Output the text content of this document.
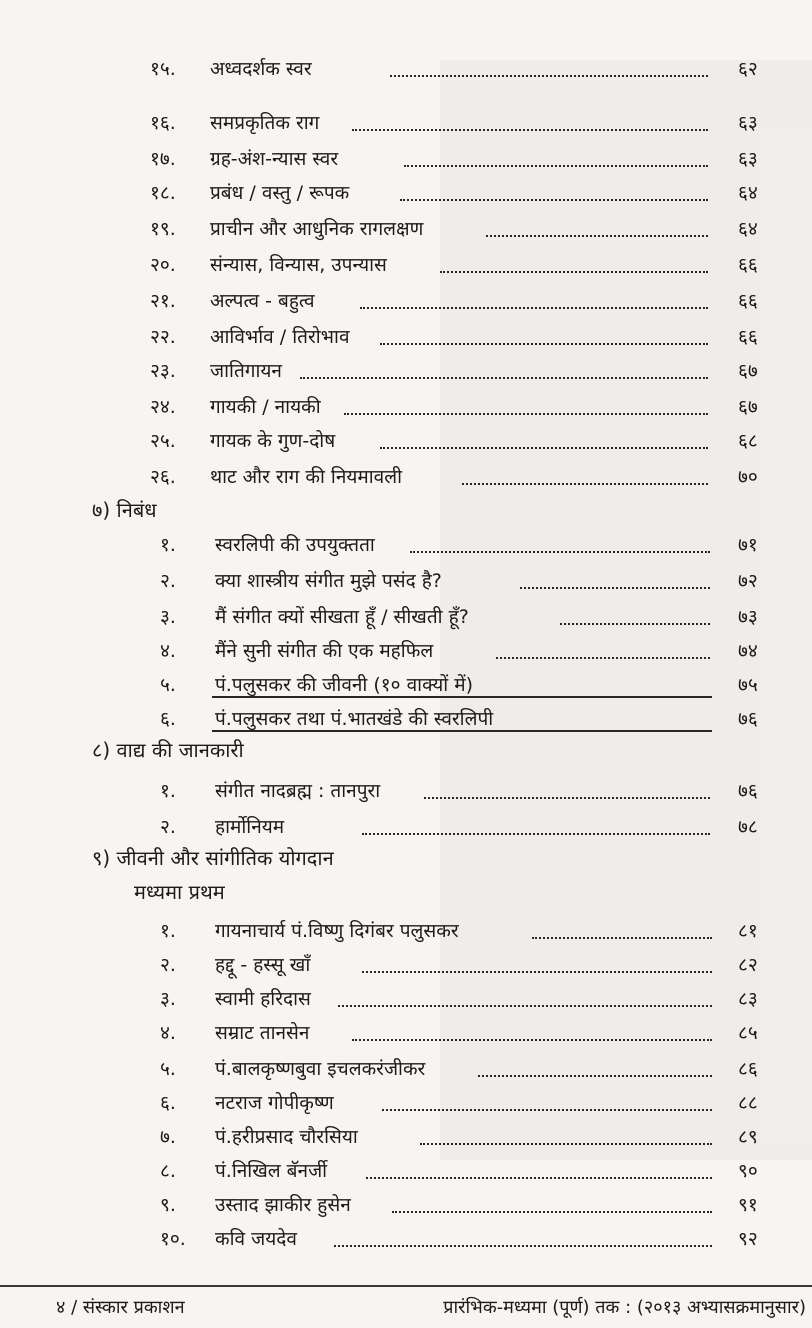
१५.	अध्वदर्शक स्वर	६२
१६.	समप्रकृतिक राग	६३
१७.	ग्रह-अंश-न्यास स्वर	६३
१८.	प्रबंध / वस्तु / रूपक	६४
१९.	प्राचीन और आधुनिक रागलक्षण	६४
२०.	संन्यास, विन्यास, उपन्यास	६६
२१.	अल्पत्व - बहुत्व	६६
२२.	आविर्भाव / तिरोभाव	६६
२३.	जातिगायन	६७
२४.	गायकी / नायकी	६७
२५.	गायक के गुण-दोष	६८
२६.	थाट और राग की नियमावली	७०
७) निबंध
१.	स्वरलिपी की उपयुक्तता	७१
२.	क्या शास्त्रीय संगीत मुझे पसंद है?	७२
३.	मैं संगीत क्यों सीखता हूँ / सीखती हूँ?	७३
४.	मैंने सुनी संगीत की एक महफिल	७४
५.	पं.पलुसकर की जीवनी (१० वाक्यों में)	७५
६.	पं.पलुसकर तथा पं.भातखंडे की स्वरलिपी	७६
८) वाद्य की जानकारी
१.	संगीत नादब्रह्म : तानपुरा	७६
२.	हार्मोनियम	७८
९) जीवनी और सांगीतिक योगदान
मध्यमा प्रथम
१.	गायनाचार्य पं.विष्णु दिगंबर पलुसकर	८१
२.	हद्दू - हस्सू खाँ	८२
३.	स्वामी हरिदास	८३
४.	सम्राट तानसेन	८५
५.	पं.बालकृष्णबुवा इचलकरंजीकर	८६
६.	नटराज गोपीकृष्ण	८८
७.	पं.हरीप्रसाद चौरसिया	८९
८.	पं.निखिल बॅनर्जी	९०
९.	उस्ताद झाकीर हुसेन	९१
१०.	कवि जयदेव	९२
४ / संस्कार प्रकाशन	प्रारंभिक-मध्यमा (पूर्ण) तक : (२०१३ अभ्यासक्रमानुसार)
